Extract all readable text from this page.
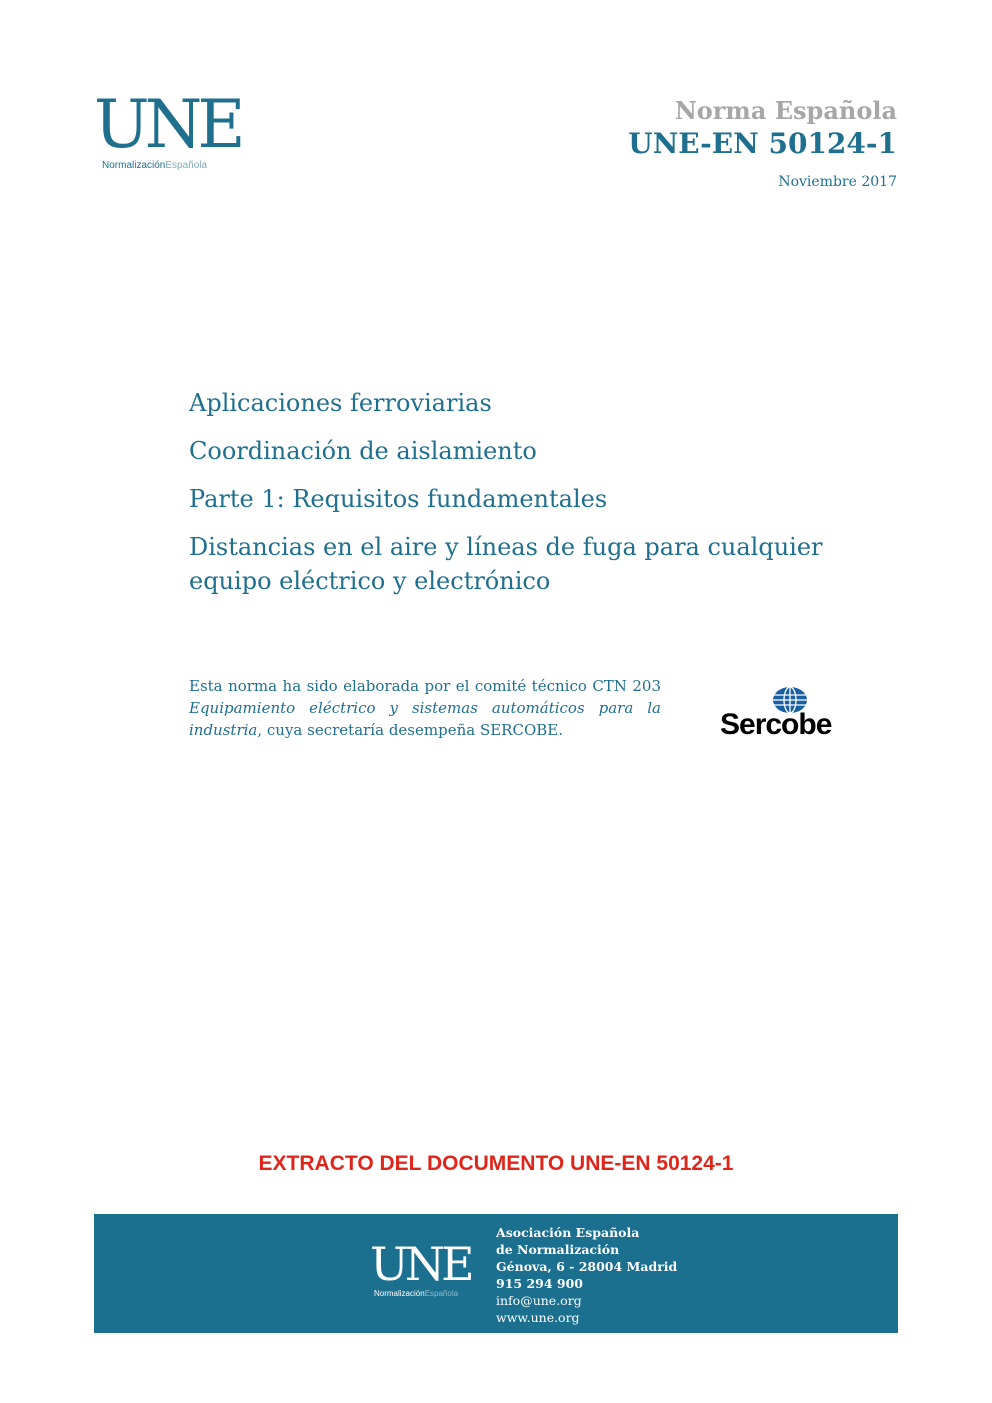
UNE
NormalizaciónEspañola
Norma Española
UNE-EN 50124-1
Noviembre 2017
Aplicaciones ferroviarias
Coordinación de aislamiento
Parte 1: Requisitos fundamentales
Distancias en el aire y líneas de fuga para cualquier equipo eléctrico y electrónico
Esta norma ha sido elaborada por el comité técnico CTN 203 Equipamiento eléctrico y sistemas automáticos para la industria, cuya secretaría desempeña SERCOBE.	Sercobe
EXTRACTO DEL DOCUMENTO UNE-EN 50124-1
UNE
NormalizaciónEspañola
Asociación Española
de Normalización
Génova, 6 - 28004 Madrid
915 294 900
info@une.org
www.une.org
